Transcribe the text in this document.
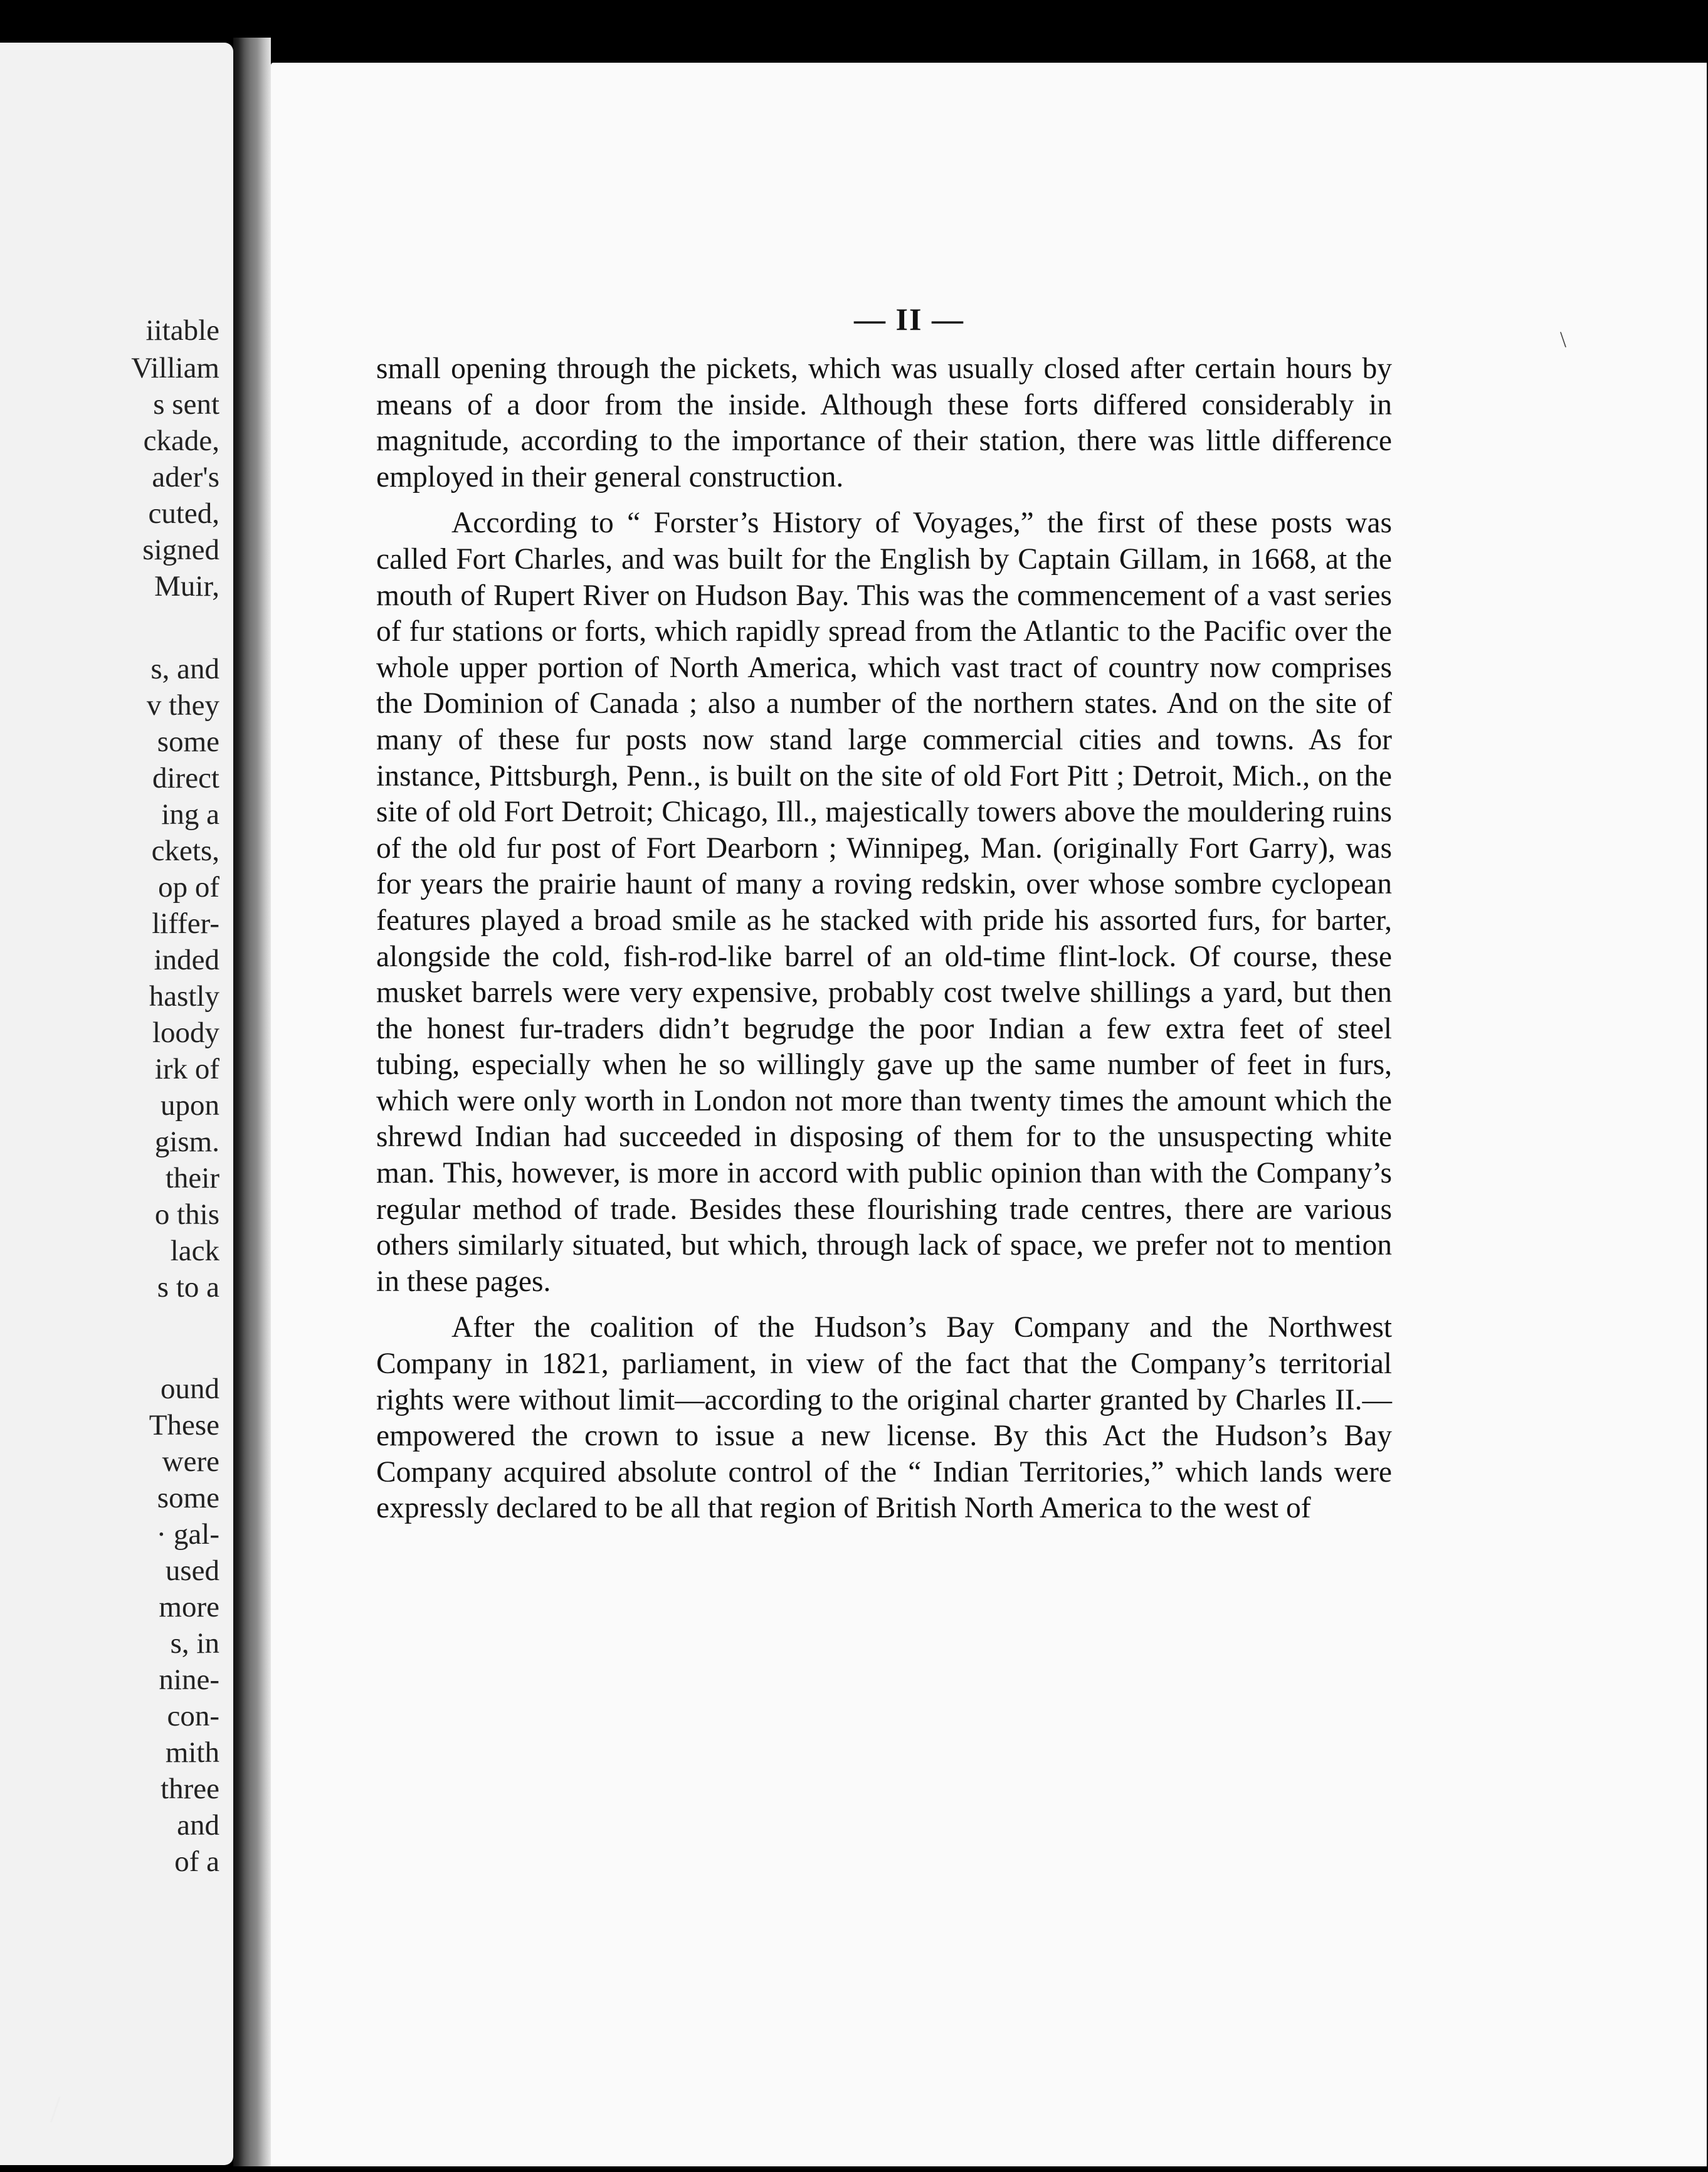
iitable
Villiam
s sent
ckade,
ader's
cuted,
signed
Muir,
s, and
v they
some
direct
ing a
ckets,
op of
liffer-
inded
hastly
loody
irk of
upon
gism.
their
o this
lack
s to a
ound
These
were
some
· gal-
used
more
s, in
nine-
con-
mith
three
and
of a
— II —

small opening through the pickets, which was usually closed after certain hours by means of a door from the inside. Although these forts differed considerably in magnitude, according to the importance of their station, there was little difference employed in their general construction.

According to “ Forster’s History of Voyages,” the first of these posts was called Fort Charles, and was built for the English by Captain Gillam, in 1668, at the mouth of Rupert River on Hudson Bay. This was the commencement of a vast series of fur stations or forts, which rapidly spread from the Atlantic to the Pacific over the whole upper portion of North America, which vast tract of country now comprises the Dominion of Canada ; also a number of the northern states. And on the site of many of these fur posts now stand large commercial cities and towns. As for instance, Pittsburgh, Penn., is built on the site of old Fort Pitt ; Detroit, Mich., on the site of old Fort Detroit; Chicago, Ill., majestically towers above the mouldering ruins of the old fur post of Fort Dearborn ; Winnipeg, Man. (originally Fort Garry), was for years the prairie haunt of many a roving redskin, over whose sombre cyclopean features played a broad smile as he stacked with pride his assorted furs, for barter, alongside the cold, fish-rod-like barrel of an old-time flint-lock. Of course, these musket barrels were very expensive, probably cost twelve shillings a yard, but then the honest fur-traders didn’t begrudge the poor Indian a few extra feet of steel tubing, especially when he so willingly gave up the same number of feet in furs, which were only worth in London not more than twenty times the amount which the shrewd Indian had succeeded in disposing of them for to the unsuspecting white man. This, however, is more in accord with public opinion than with the Company’s regular method of trade. Besides these flourishing trade centres, there are various others similarly situated, but which, through lack of space, we prefer not to mention in these pages.

After the coalition of the Hudson’s Bay Company and the Northwest Company in 1821, parliament, in view of the fact that the Company’s territorial rights were without limit—according to the original charter granted by Charles II.—empowered the crown to issue a new license. By this Act the Hudson’s Bay Company acquired absolute control of the “ Indian Territories,” which lands were expressly declared to be all that region of British North America to the west of

\
/
